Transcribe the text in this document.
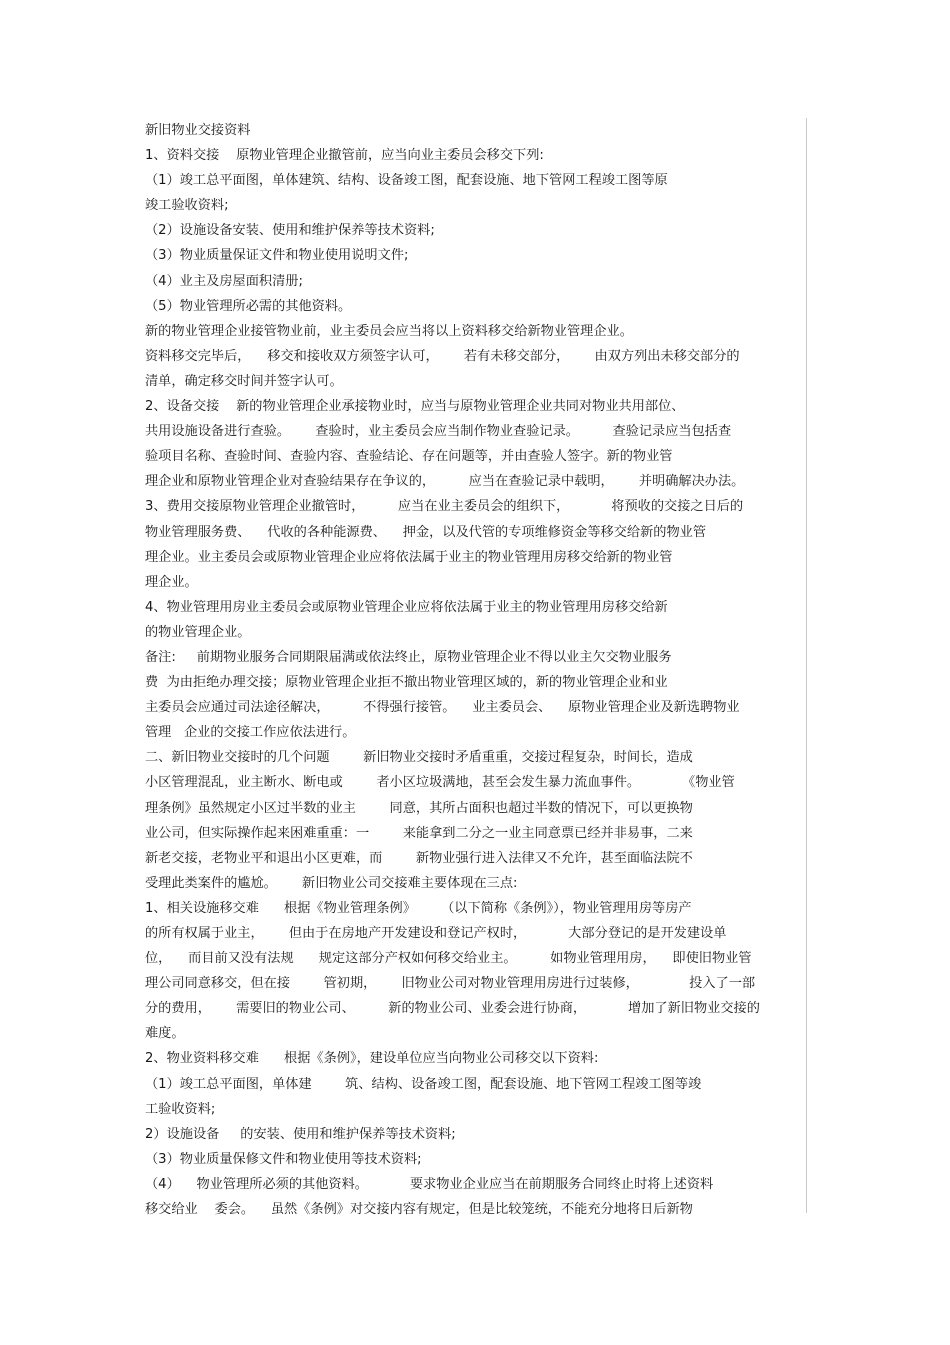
新旧物业交接资料
1、资料交接    原物业管理企业撤管前，应当向业主委员会移交下列:
（1）竣工总平面图，单体建筑、结构、设备竣工图，配套设施、地下管网工程竣工图等原
竣工验收资料;
（2）设施设备安装、使用和维护保养等技术资料;
（3）物业质量保证文件和物业使用说明文件;
（4）业主及房屋面积清册;
（5）物业管理所必需的其他资料。
新的物业管理企业接管物业前，业主委员会应当将以上资料移交给新物业管理企业。
资料移交完毕后，    移交和接收双方须签字认可，      若有未移交部分，      由双方列出未移交部分的
清单，确定移交时间并签字认可。
2、设备交接    新的物业管理企业承接物业时，应当与原物业管理企业共同对物业共用部位、
共用设施设备进行查验。      查验时，业主委员会应当制作物业查验记录。        查验记录应当包括查
验项目名称、查验时间、查验内容、查验结论、存在问题等，并由查验人签字。新的物业管
理企业和原物业管理企业对查验结果存在争议的，        应当在查验记录中载明，      并明确解决办法。
3、费用交接原物业管理企业撤管时，        应当在业主委员会的组织下，          将预收的交接之日后的
物业管理服务费、    代收的各种能源费、    押金，以及代管的专项维修资金等移交给新的物业管
理企业。业主委员会或原物业管理企业应将依法属于业主的物业管理用房移交给新的物业管
理企业。
4、物业管理用房业主委员会或原物业管理企业应将依法属于业主的物业管理用房移交给新
的物业管理企业。
备注:     前期物业服务合同期限届满或依法终止，原物业管理企业不得以业主欠交物业服务
费  为由拒绝办理交接；原物业管理企业拒不撤出物业管理区域的，新的物业管理企业和业
主委员会应通过司法途径解决，        不得强行接管。    业主委员会、    原物业管理企业及新选聘物业
管理   企业的交接工作应依法进行。
二、新旧物业交接时的几个问题        新旧物业交接时矛盾重重，交接过程复杂，时间长，造成
小区管理混乱，业主断水、断电或        者小区垃圾满地，甚至会发生暴力流血事件。          《物业管
理条例》虽然规定小区过半数的业主        同意，其所占面积也超过半数的情况下，可以更换物
业公司，但实际操作起来困难重重：一        来能拿到二分之一业主同意票已经并非易事，二来
新老交接，老物业平和退出小区更难，而        新物业强行进入法律又不允许，甚至面临法院不
受理此类案件的尴尬。      新旧物业公司交接难主要体现在三点:
1、相关设施移交难      根据《物业管理条例》      （以下简称《条例》），物业管理用房等房产
的所有权属于业主，      但由于在房地产开发建设和登记产权时，          大部分登记的是开发建设单
位，    而目前又没有法规      规定这部分产权如何移交给业主。        如物业管理用房，    即使旧物业管
理公司同意移交，但在接        管初期，      旧物业公司对物业管理用房进行过装修，            投入了一部
分的费用，      需要旧的物业公司、        新的物业公司、业委会进行协商，          增加了新旧物业交接的
难度。
2、物业资料移交难      根据《条例》，建设单位应当向物业公司移交以下资料:
（1）竣工总平面图，单体建        筑、结构、设备竣工图，配套设施、地下管网工程竣工图等竣
工验收资料;
2）设施设备     的安装、使用和维护保养等技术资料;
（3）物业质量保修文件和物业使用等技术资料;
（4）    物业管理所必须的其他资料。          要求物业企业应当在前期服务合同终止时将上述资料
移交给业    委会。    虽然《条例》对交接内容有规定，但是比较笼统，不能充分地将日后新物
